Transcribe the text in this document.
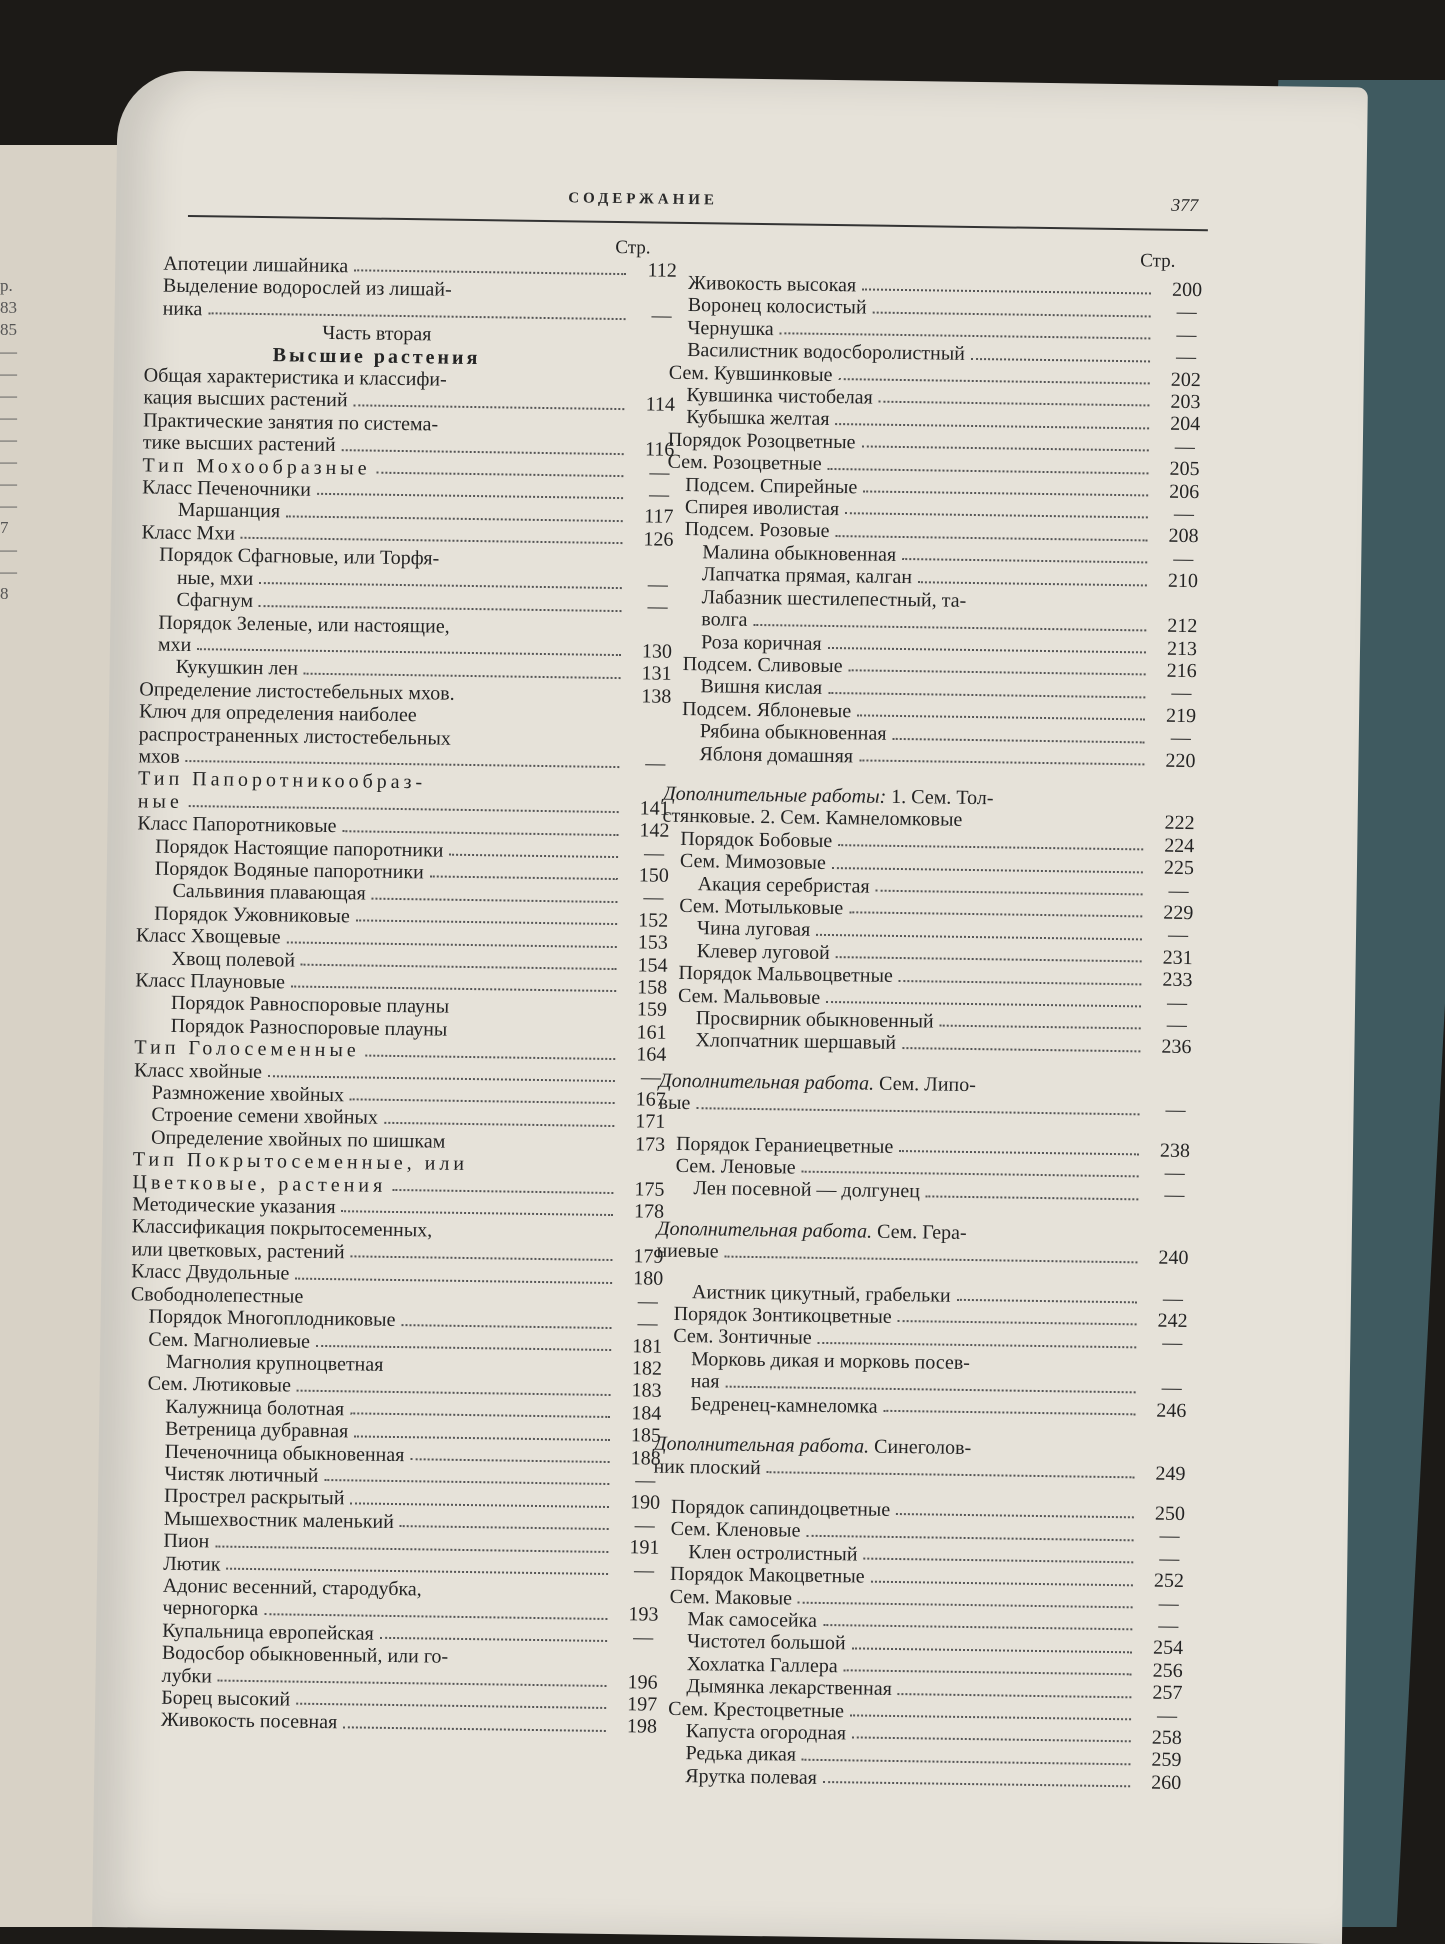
р.
83
85
—
—
—
—
—
—
—
—
7
—
—
8
СОДЕРЖАНИЕ	377
Стр.
Апотеции лишайника	112
Выделение водорослей из лишай-
ника	—
Часть вторая
Высшие растения
Общая характеристика и классифи-
кация высших растений	114
Практические занятия по система-
тике высших растений	116
Тип Мохообразные	—
Класс Печеночники	—
Маршанция	117
Класс Мхи	126
Порядок Сфагновые, или Торфя-
ные, мхи	—
Сфагнум	—
Порядок Зеленые, или настоящие,
мхи	130
Кукушкин лен	131
Определение листостебельных мхов.	138
Ключ для определения наиболее
распространенных листостебельных
мхов	—
Тип Папоротникообраз-
ные	141
Класс Папоротниковые	142
Порядок Настоящие папоротники	—
Порядок Водяные папоротники	150
Сальвиния плавающая	—
Порядок Ужовниковые	152
Класс Хвощевые	153
Хвощ полевой	154
Класс Плауновые	158
Порядок Равноспоровые плауны	159
Порядок Разноспоровые плауны	161
Тип Голосеменные	164
Класс хвойные	—
Размножение хвойных	167
Строение семени хвойных	171
Определение хвойных по шишкам	173
Тип Покрытосеменные, или
Цветковые, растения	175
Методические указания	178
Классификация покрытосеменных,
или цветковых, растений	179
Класс Двудольные	180
Свободнолепестные	—
Порядок Многоплодниковые	—
Сем. Магнолиевые	181
Магнолия крупноцветная	182
Сем. Лютиковые	183
Калужница болотная	184
Ветреница дубравная	185
Печеночница обыкновенная	188
Чистяк лютичный	—
Прострел раскрытый	190
Мышехвостник маленький	—
Пион	191
Лютик	—
Адонис весенний, стародубка,
черногорка	193
Купальница европейская	—
Водосбор обыкновенный, или го-
лубки	196
Борец высокий	197
Живокость посевная	198
Стр.
Живокость высокая	200
Воронец колосистый	—
Чернушка	—
Василистник водосборолистный	—
Сем. Кувшинковые	202
Кувшинка чистобелая	203
Кубышка желтая	204
Порядок Розоцветные	—
Сем. Розоцветные	205
Подсем. Спирейные	206
Спирея иволистая	—
Подсем. Розовые	208
Малина обыкновенная	—
Лапчатка прямая, калган	210
Лабазник шестилепестный, та-
волга	212
Роза коричная	213
Подсем. Сливовые	216
Вишня кислая	—
Подсем. Яблоневые	219
Рябина обыкновенная	—
Яблоня домашняя	220
Дополнительные работы: 1. Сем. Тол-
стянковые. 2. Сем. Камнеломковые	222
Порядок Бобовые	224
Сем. Мимозовые	225
Акация серебристая	—
Сем. Мотыльковые	229
Чина луговая	—
Клевер луговой	231
Порядок Мальвоцветные	233
Сем. Мальвовые	—
Просвирник обыкновенный	—
Хлопчатник шершавый	236
Дополнительная работа. Сем. Липо-
вые	—
Порядок Гераниецветные	238
Сем. Леновые	—
Лен посевной — долгунец	—
Дополнительная работа. Сем. Гера-
ниевые	240
Аистник цикутный, грабельки	—
Порядок Зонтикоцветные	242
Сем. Зонтичные	—
Морковь дикая и морковь посев-
ная	—
Бедренец-камнеломка	246
Дополнительная работа. Синеголов-
ник плоский	249
Порядок сапиндоцветные	250
Сем. Кленовые	—
Клен остролистный	—
Порядок Макоцветные	252
Сем. Маковые	—
Мак самосейка	—
Чистотел большой	254
Хохлатка Галлера	256
Дымянка лекарственная	257
Сем. Крестоцветные	—
Капуста огородная	258
Редька дикая	259
Ярутка полевая	260
